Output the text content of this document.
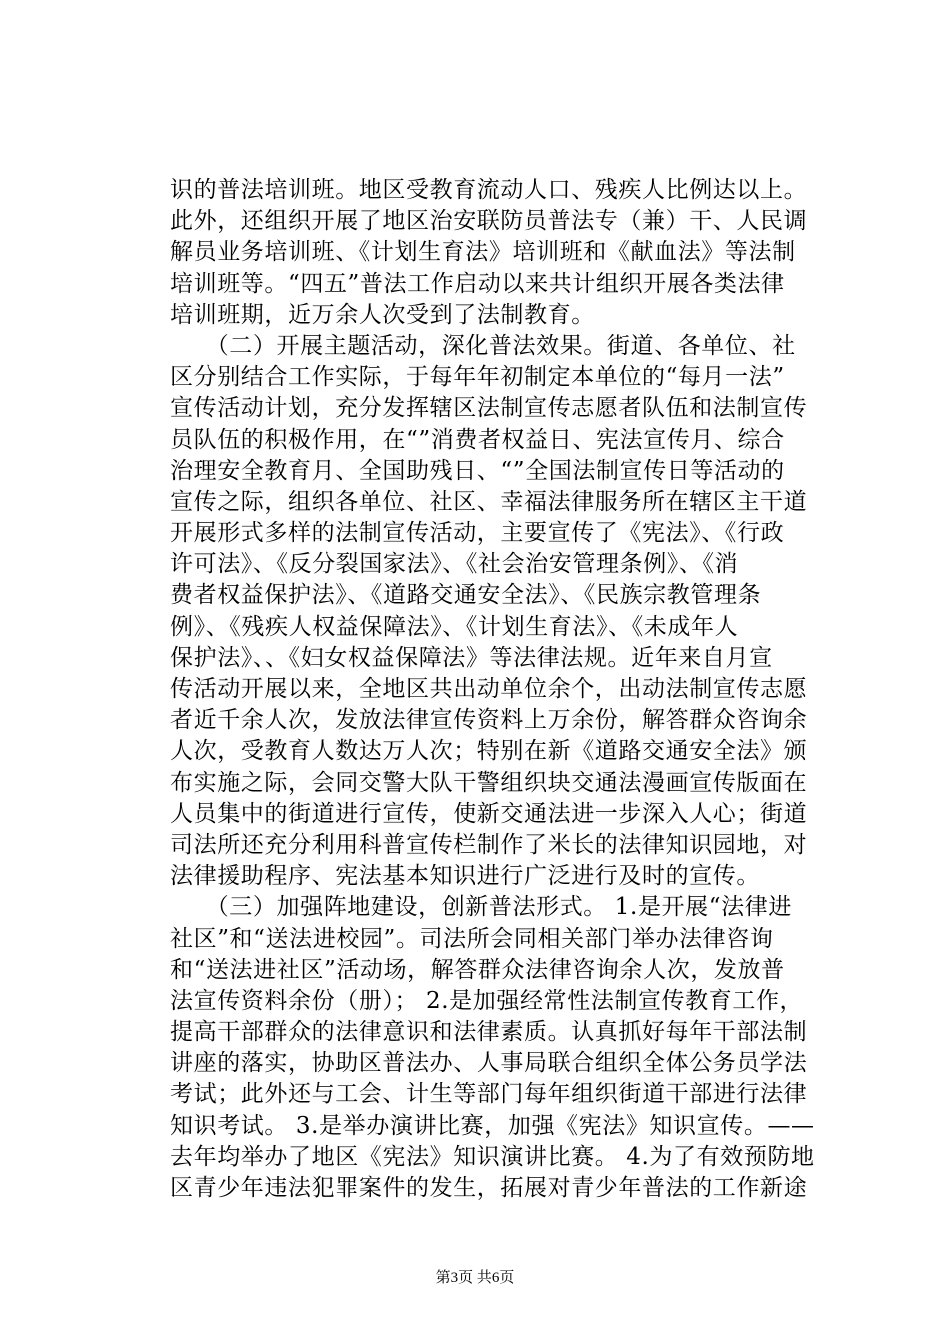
识的普法培训班。地区受教育流动人口、残疾人比例达以上。
此外，还组织开展了地区治安联防员普法专（兼）干、人民调
解员业务培训班、《计划生育法》培训班和《献血法》等法制
培训班等。“四五”普法工作启动以来共计组织开展各类法律
培训班期，近万余人次受到了法制教育。
　　（二）开展主题活动，深化普法效果。街道、各单位、社
区分别结合工作实际，于每年年初制定本单位的“每月一法”
宣传活动计划，充分发挥辖区法制宣传志愿者队伍和法制宣传
员队伍的积极作用，在“”消费者权益日、宪法宣传月、综合
治理安全教育月、全国助残日、“”全国法制宣传日等活动的
宣传之际，组织各单位、社区、幸福法律服务所在辖区主干道
开展形式多样的法制宣传活动，主要宣传了《宪法》、《行政
许可法》、《反分裂国家法》、《社会治安管理条例》、《消
费者权益保护法》、《道路交通安全法》、《民族宗教管理条
例》、《残疾人权益保障法》、《计划生育法》、《未成年人
保护法》、、《妇女权益保障法》等法律法规。近年来自月宣
传活动开展以来，全地区共出动单位余个，出动法制宣传志愿
者近千余人次，发放法律宣传资料上万余份，解答群众咨询余
人次，受教育人数达万人次；特别在新《道路交通安全法》颁
布实施之际，会同交警大队干警组织块交通法漫画宣传版面在
人员集中的街道进行宣传，使新交通法进一步深入人心；街道
司法所还充分利用科普宣传栏制作了米长的法律知识园地，对
法律援助程序、宪法基本知识进行广泛进行及时的宣传。
　　（三）加强阵地建设，创新普法形式。 1.是开展“法律进
社区”和“送法进校园”。司法所会同相关部门举办法律咨询
和“送法进社区”活动场，解答群众法律咨询余人次，发放普
法宣传资料余份（册）； 2.是加强经常性法制宣传教育工作，
提高干部群众的法律意识和法律素质。认真抓好每年干部法制
讲座的落实，协助区普法办、人事局联合组织全体公务员学法
考试；此外还与工会、计生等部门每年组织街道干部进行法律
知识考试。 3.是举办演讲比赛，加强《宪法》知识宣传。——
去年均举办了地区《宪法》知识演讲比赛。 4.为了有效预防地
区青少年违法犯罪案件的发生，拓展对青少年普法的工作新途
第3页 共6页
